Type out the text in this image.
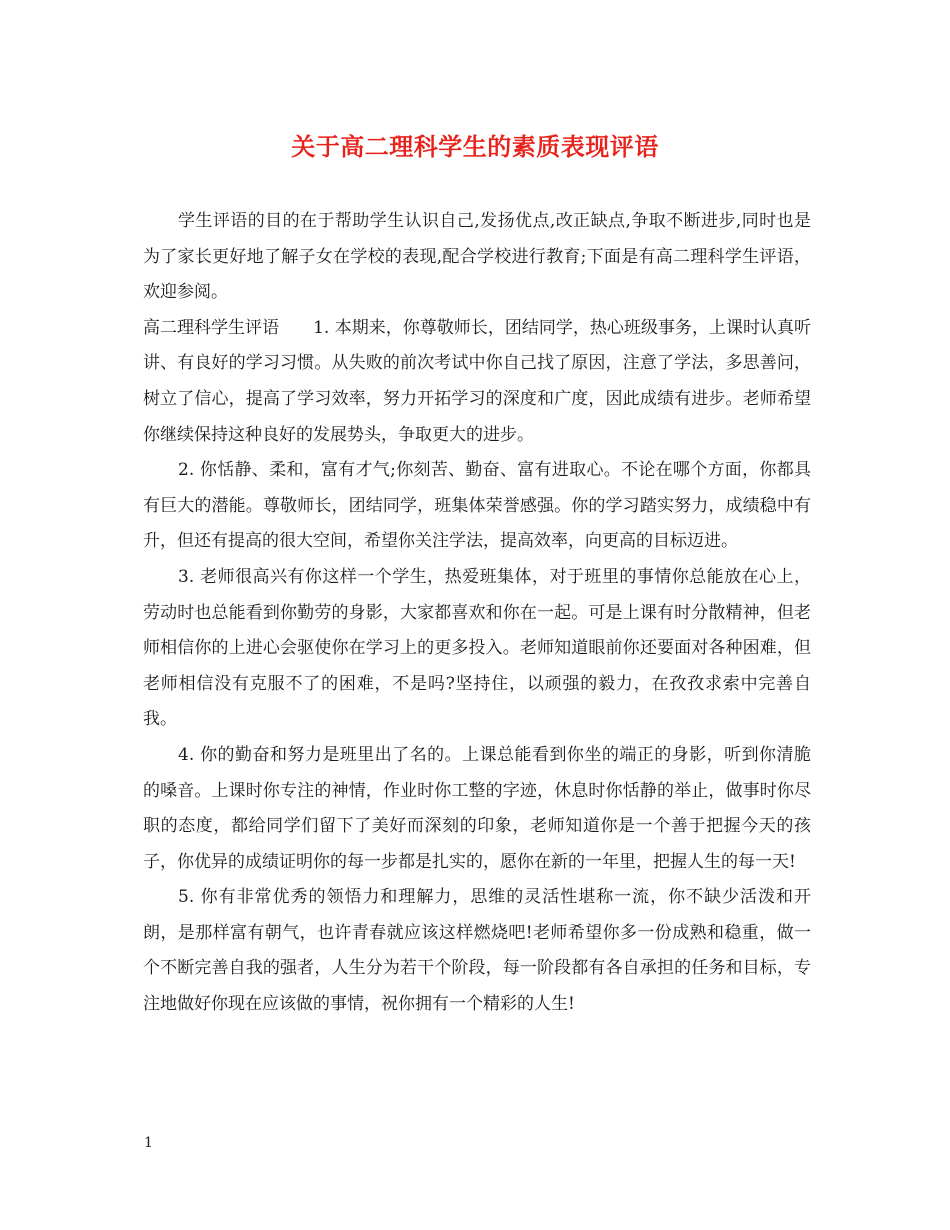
关于高二理科学生的素质表现评语

学生评语的目的在于帮助学生认识自己,发扬优点,改正缺点,争取不断进步,同时也是为了家长更好地了解子女在学校的表现,配合学校进行教育;下面是有高二理科学生评语，欢迎参阅。

高二理科学生评语　　1. 本期来，你尊敬师长，团结同学，热心班级事务，上课时认真听讲、有良好的学习习惯。从失败的前次考试中你自己找了原因，注意了学法，多思善问，树立了信心，提高了学习效率，努力开拓学习的深度和广度，因此成绩有进步。老师希望你继续保持这种良好的发展势头，争取更大的进步。

2. 你恬静、柔和，富有才气;你刻苦、勤奋、富有进取心。不论在哪个方面，你都具有巨大的潜能。尊敬师长，团结同学，班集体荣誉感强。你的学习踏实努力，成绩稳中有升，但还有提高的很大空间，希望你关注学法，提高效率，向更高的目标迈进。

3. 老师很高兴有你这样一个学生，热爱班集体，对于班里的事情你总能放在心上，劳动时也总能看到你勤劳的身影，大家都喜欢和你在一起。可是上课有时分散精神，但老师相信你的上进心会驱使你在学习上的更多投入。老师知道眼前你还要面对各种困难，但老师相信没有克服不了的困难，不是吗?坚持住，以顽强的毅力，在孜孜求索中完善自我。

4. 你的勤奋和努力是班里出了名的。上课总能看到你坐的端正的身影，听到你清脆的嗓音。上课时你专注的神情，作业时你工整的字迹，休息时你恬静的举止，做事时你尽职的态度，都给同学们留下了美好而深刻的印象，老师知道你是一个善于把握今天的孩子，你优异的成绩证明你的每一步都是扎实的，愿你在新的一年里，把握人生的每一天!

5. 你有非常优秀的领悟力和理解力，思维的灵活性堪称一流，你不缺少活泼和开朗，是那样富有朝气，也许青春就应该这样燃烧吧!老师希望你多一份成熟和稳重，做一个不断完善自我的强者，人生分为若干个阶段，每一阶段都有各自承担的任务和目标，专注地做好你现在应该做的事情，祝你拥有一个精彩的人生!

1
